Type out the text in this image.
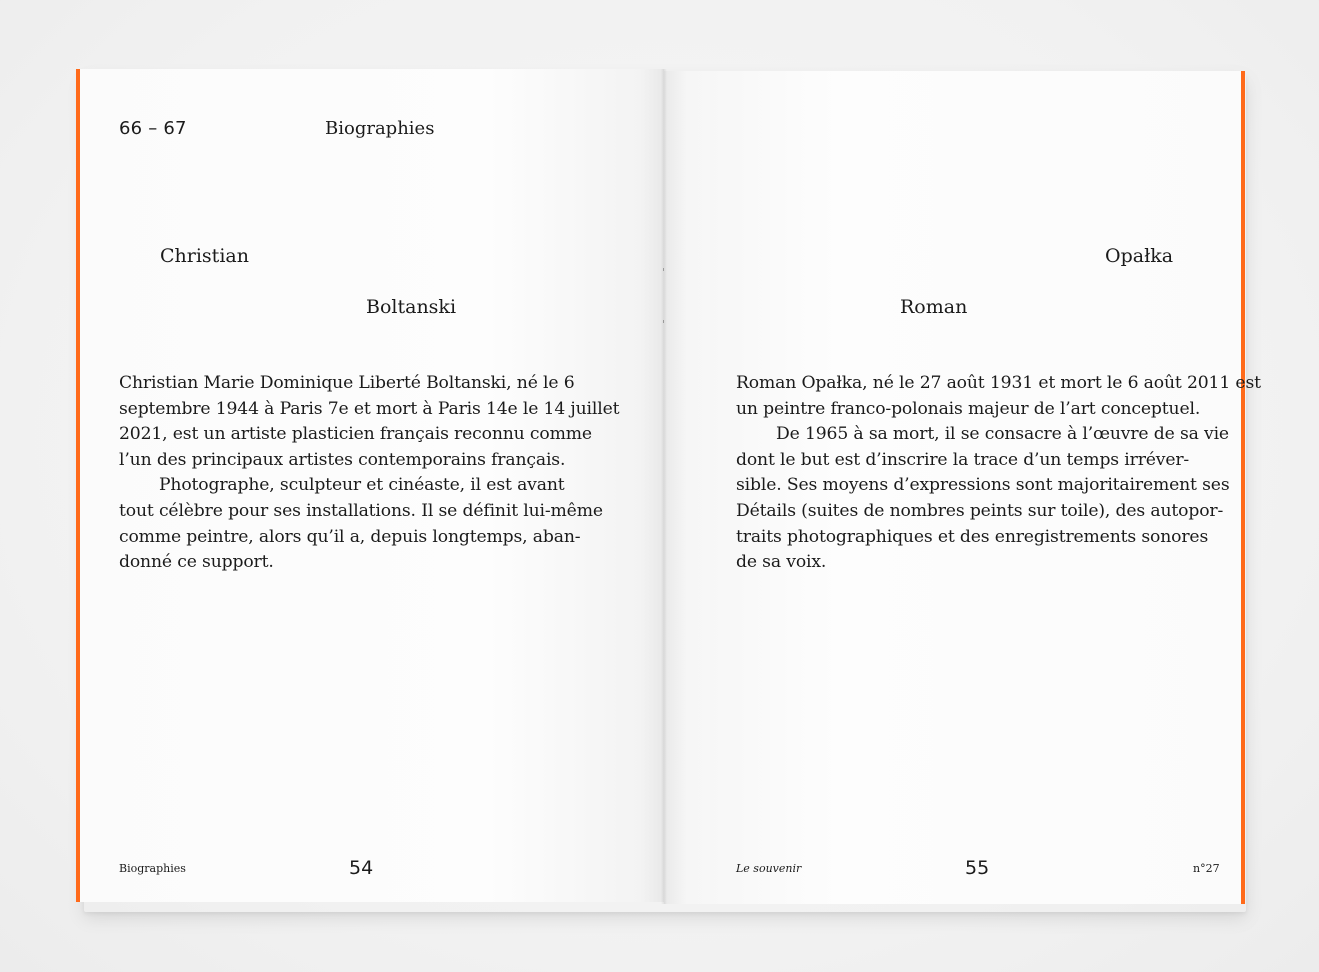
66 – 67	Biographies
Christian
Boltanski
Opałka
Roman
Christian Marie Dominique Liberté Boltanski, né le 6
septembre 1944 à Paris 7e et mort à Paris 14e le 14 juillet
2021, est un artiste plasticien français reconnu comme
l’un des principaux artistes contemporains français.
Photographe, sculpteur et cinéaste, il est avant
tout célèbre pour ses installations. Il se définit lui-même
comme peintre, alors qu’il a, depuis longtemps, aban-
donné ce support.
Roman Opałka, né le 27 août 1931 et mort le 6 août 2011 est
un peintre franco-polonais majeur de l’art conceptuel.
De 1965 à sa mort, il se consacre à l’œuvre de sa vie
dont le but est d’inscrire la trace d’un temps irréver-
sible. Ses moyens d’expressions sont majoritairement ses
Détails (suites de nombres peints sur toile), des autopor-
traits photographiques et des enregistrements sonores
de sa voix.
Biographies	54	Le souvenir	55	n°27
